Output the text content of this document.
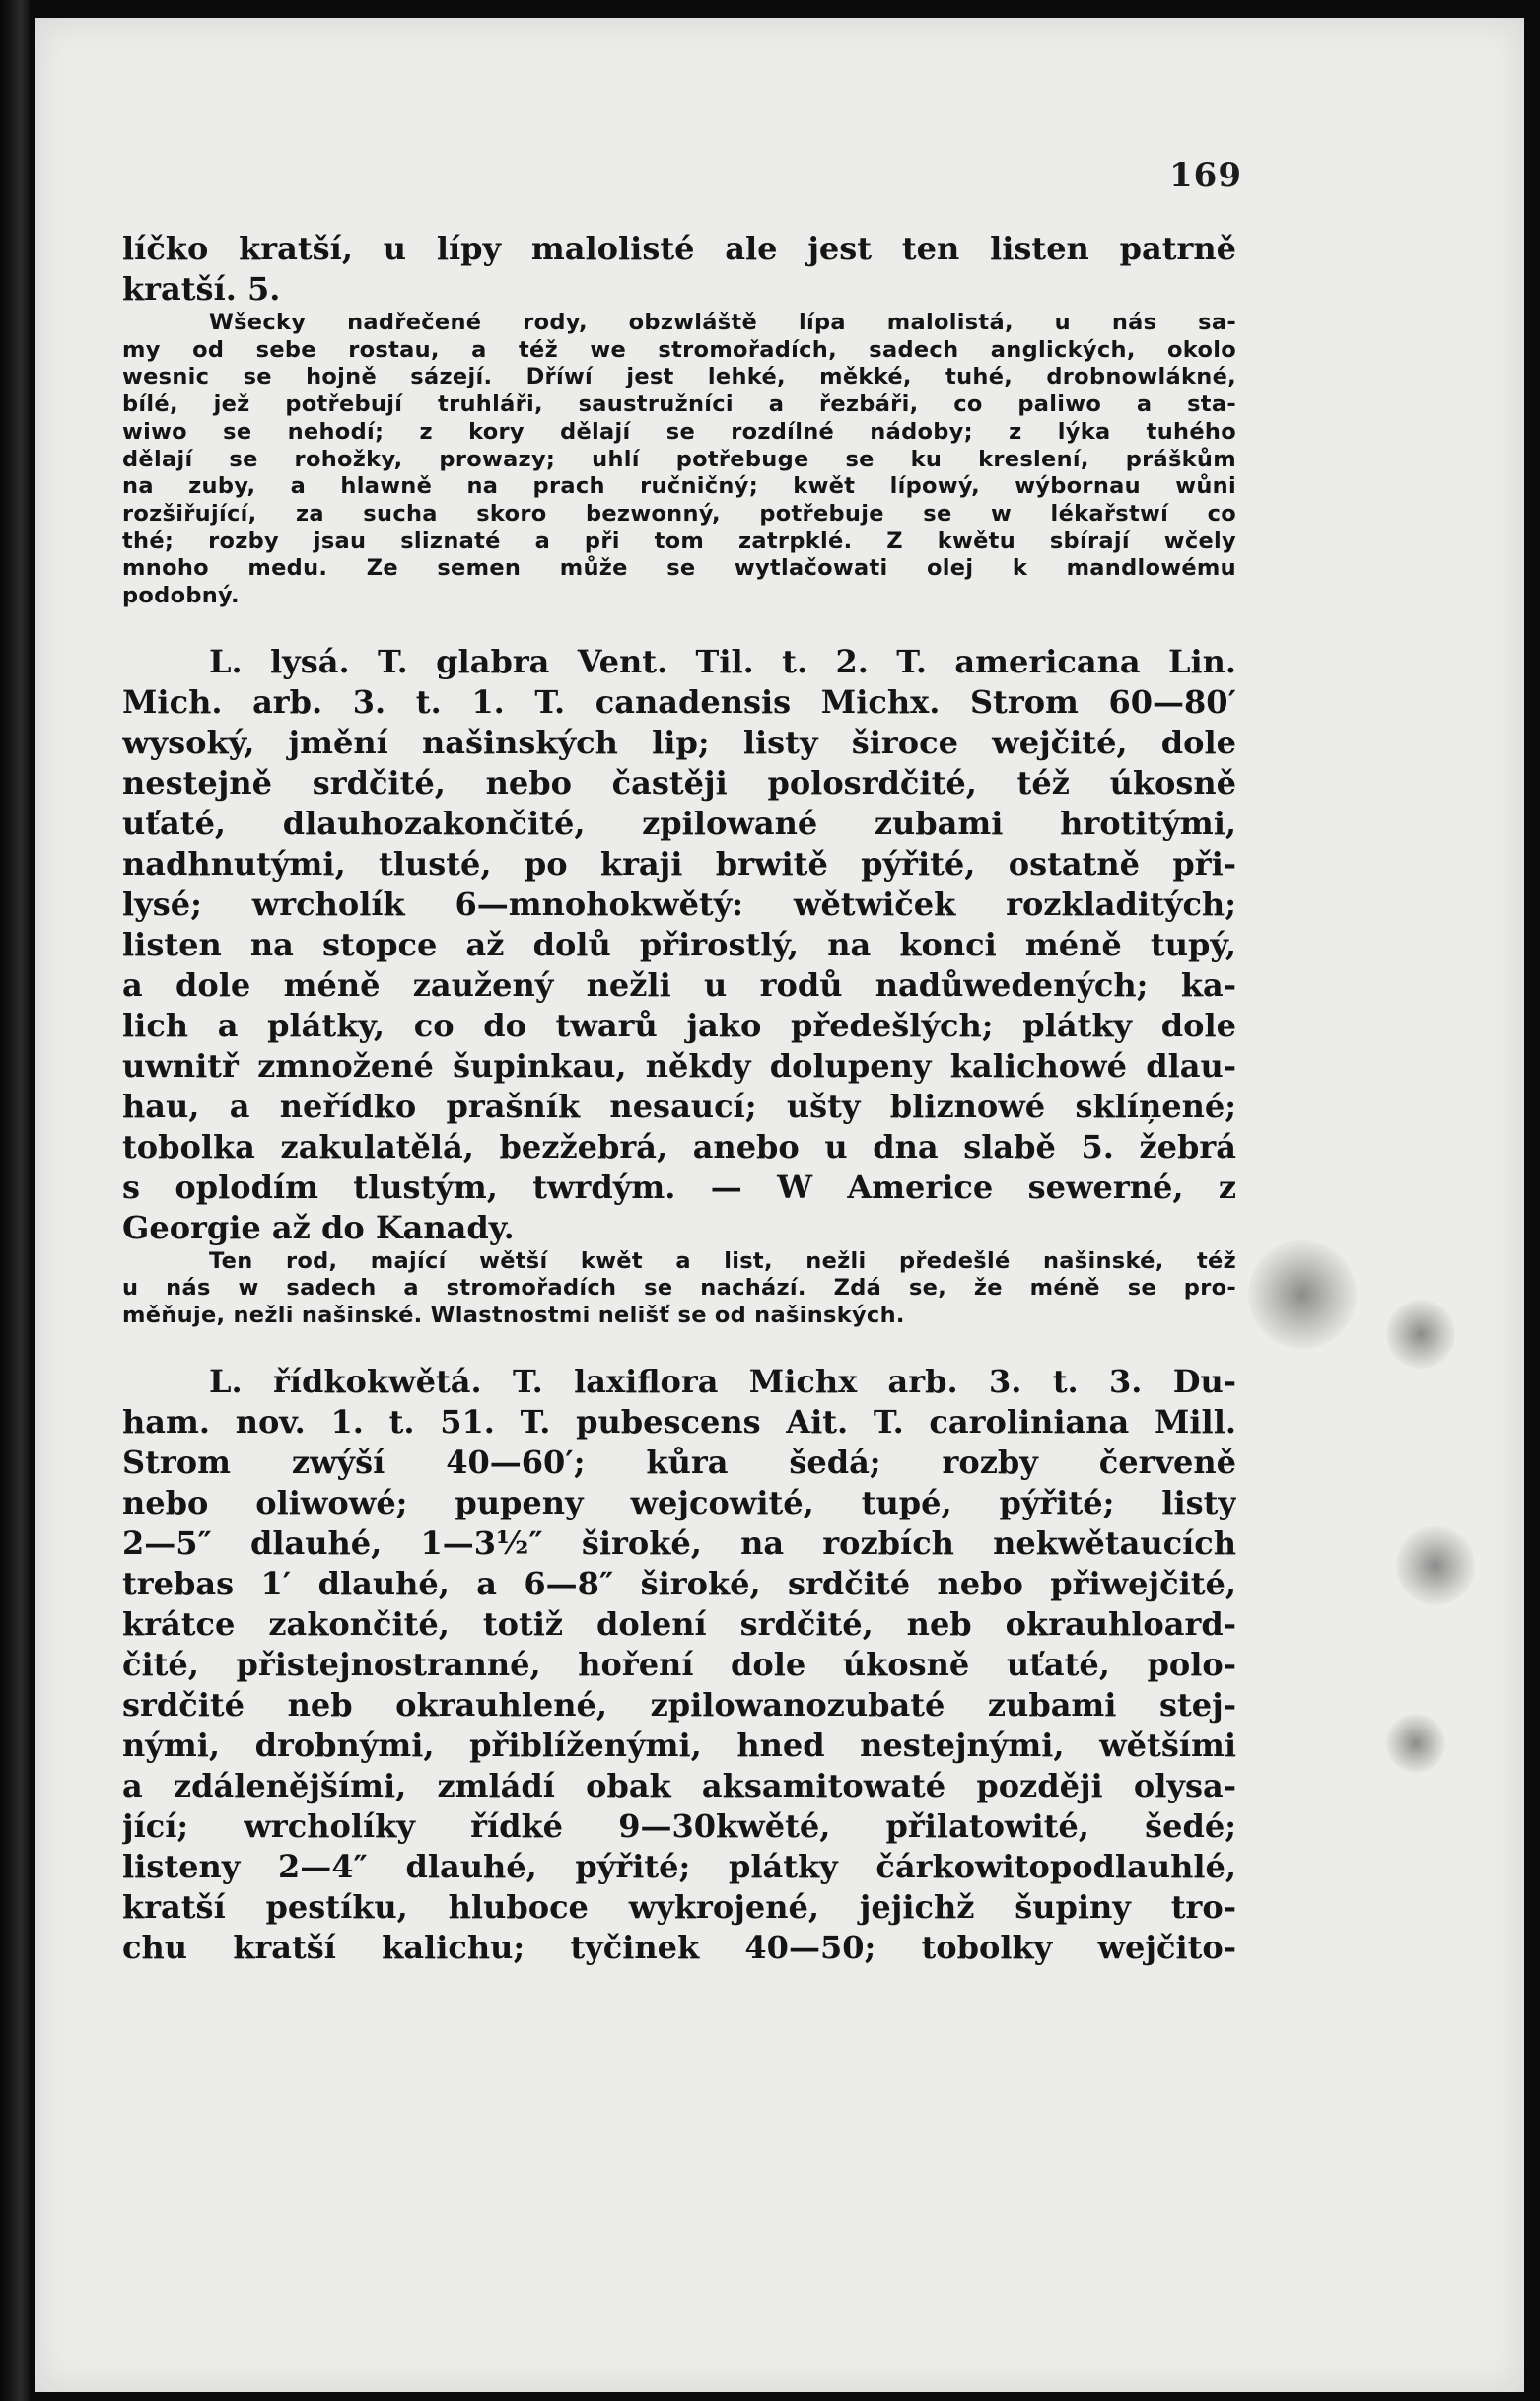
169
líčko kratší, u lípy malolisté ale jest ten listen patrně
kratší. 5.
Wšecky nadřečené rody, obzwláště lípa malolistá, u nás sa-
my od sebe rostau, a též we stromořadích, sadech anglických, okolo
wesnic se hojně sázejí. Dříwí jest lehké, měkké, tuhé, drobnowlákné,
bílé, jež potřebují truhláři, saustružníci a řezbáři, co paliwo a sta-
wiwo se nehodí; z kory dělají se rozdílné nádoby; z lýka tuhého
dělají se rohožky, prowazy; uhlí potřebuge se ku kreslení, práškům
na zuby, a hlawně na prach ručničný; kwět lípowý, wýbornau wůni
rozšiřující, za sucha skoro bezwonný, potřebuje se w lékařstwí co
thé; rozby jsau sliznaté a při tom zatrpklé. Z kwětu sbírají wčely
mnoho medu. Ze semen může se wytlačowati olej k mandlowému
podobný.
L. lysá. T. glabra Vent. Til. t. 2. T. americana Lin.
Mich. arb. 3. t. 1. T. canadensis Michx. Strom 60—80′
wysoký, jmění našinských lip; listy široce wejčité, dole
nestejně srdčité, nebo častěji polosrdčité, též úkosně
uťaté, dlauhozakončité, zpilowané zubami hrotitými,
nadhnutými, tlusté, po kraji brwitě pýřité, ostatně při-
lysé; wrcholík 6—mnohokwětý: wětwiček rozkladitých;
listen na stopce až dolů přirostlý, na konci méně tupý,
a dole méně zaužený nežli u rodů nadůwedených; ka-
lich a plátky, co do twarů jako předešlých; plátky dole
uwnitř zmnožené šupinkau, někdy dolupeny kalichowé dlau-
hau, a neřídko prašník nesaucí; ušty bliznowé sklíņené;
tobolka zakulatělá, bezžebrá, anebo u dna slabě 5. žebrá
s oplodím tlustým, twrdým. — W Americe sewerné, z
Georgie až do Kanady.
Ten rod, mající wětší kwět a list, nežli předešlé našinské, též
u nás w sadech a stromořadích se nachází. Zdá se, že méně se pro-
měňuje, nežli našinské. Wlastnostmi nelišť se od našinských.
L. řídkokwětá. T. laxiflora Michx arb. 3. t. 3. Du-
ham. nov. 1. t. 51. T. pubescens Ait. T. caroliniana Mill.
Strom zwýší 40—60′; kůra šedá; rozby červeně
nebo oliwowé; pupeny wejcowité, tupé, pýřité; listy
2—5″ dlauhé, 1—3½″ široké, na rozbích nekwětaucích
trebas 1′ dlauhé, a 6—8″ široké, srdčité nebo přiwejčité,
krátce zakončité, totiž dolení srdčité, neb okrauhloard-
čité, přistejnostranné, hoření dole úkosně uťaté, polo-
srdčité neb okrauhlené, zpilowanozubaté zubami stej-
nými, drobnými, přiblíženými, hned nestejnými, wětšími
a zdálenějšími, zmládí obak aksamitowaté později olysa-
jící; wrcholíky řídké 9—30kwěté, přilatowité, šedé;
listeny 2—4″ dlauhé, pýřité; plátky čárkowitopodlauhlé,
kratší pestíku, hluboce wykrojené, jejichž šupiny tro-
chu kratší kalichu; tyčinek 40—50; tobolky wejčito-
